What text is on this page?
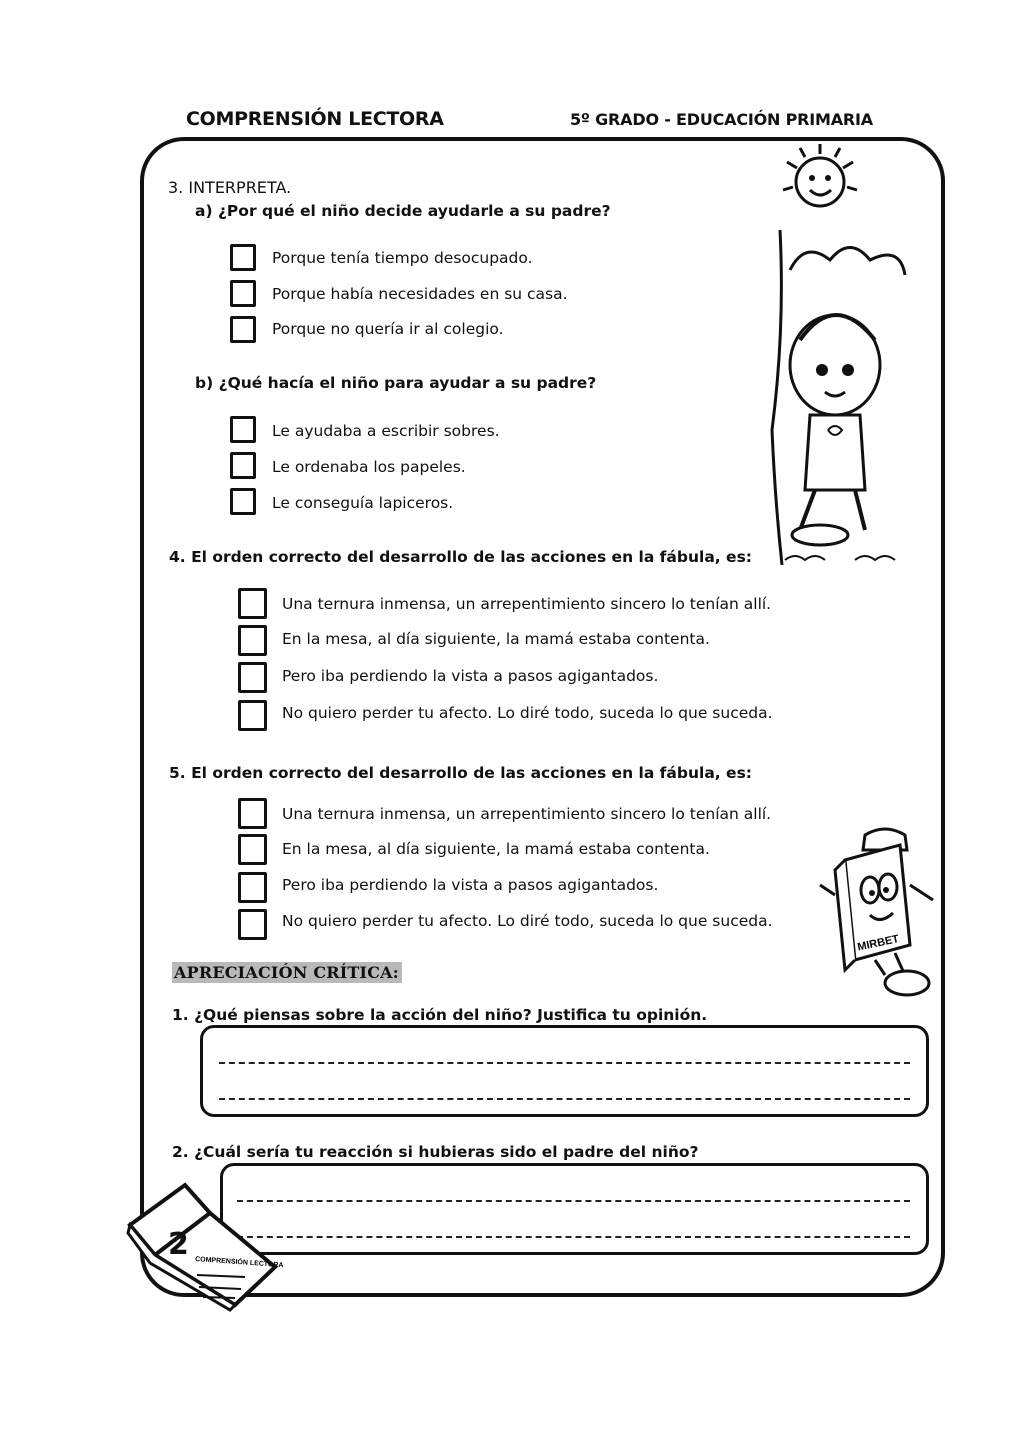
COMPRENSIÓN LECTORA	5º GRADO - EDUCACIÓN PRIMARIA
3. INTERPRETA.
a) ¿Por qué el niño decide ayudarle a su padre?
Porque tenía tiempo desocupado.
Porque había necesidades en su casa.
Porque no quería ir al colegio.
b) ¿Qué hacía el niño para ayudar a su padre?
Le ayudaba a escribir sobres.
Le ordenaba los papeles.
Le conseguía lapiceros.
4. El orden correcto del desarrollo de las acciones en la fábula, es:
Una ternura inmensa, un arrepentimiento sincero lo tenían allí.
En la mesa, al día siguiente, la mamá estaba contenta.
Pero iba perdiendo la vista a pasos agigantados.
No quiero perder tu afecto. Lo diré todo, suceda lo que suceda.
5. El orden correcto del desarrollo de las acciones en la fábula, es:
Una ternura inmensa, un arrepentimiento sincero lo tenían allí.
En la mesa, al día siguiente, la mamá estaba contenta.
Pero iba perdiendo la vista a pasos agigantados.
No quiero perder tu afecto. Lo diré todo, suceda lo que suceda.
MIRBET
APRECIACIÓN CRÍTICA:
1. ¿Qué piensas sobre la acción del niño? Justifica tu opinión.
2. ¿Cuál sería tu reacción si hubieras sido el padre del niño?
COMPRENSIÓN LECTORA
2
